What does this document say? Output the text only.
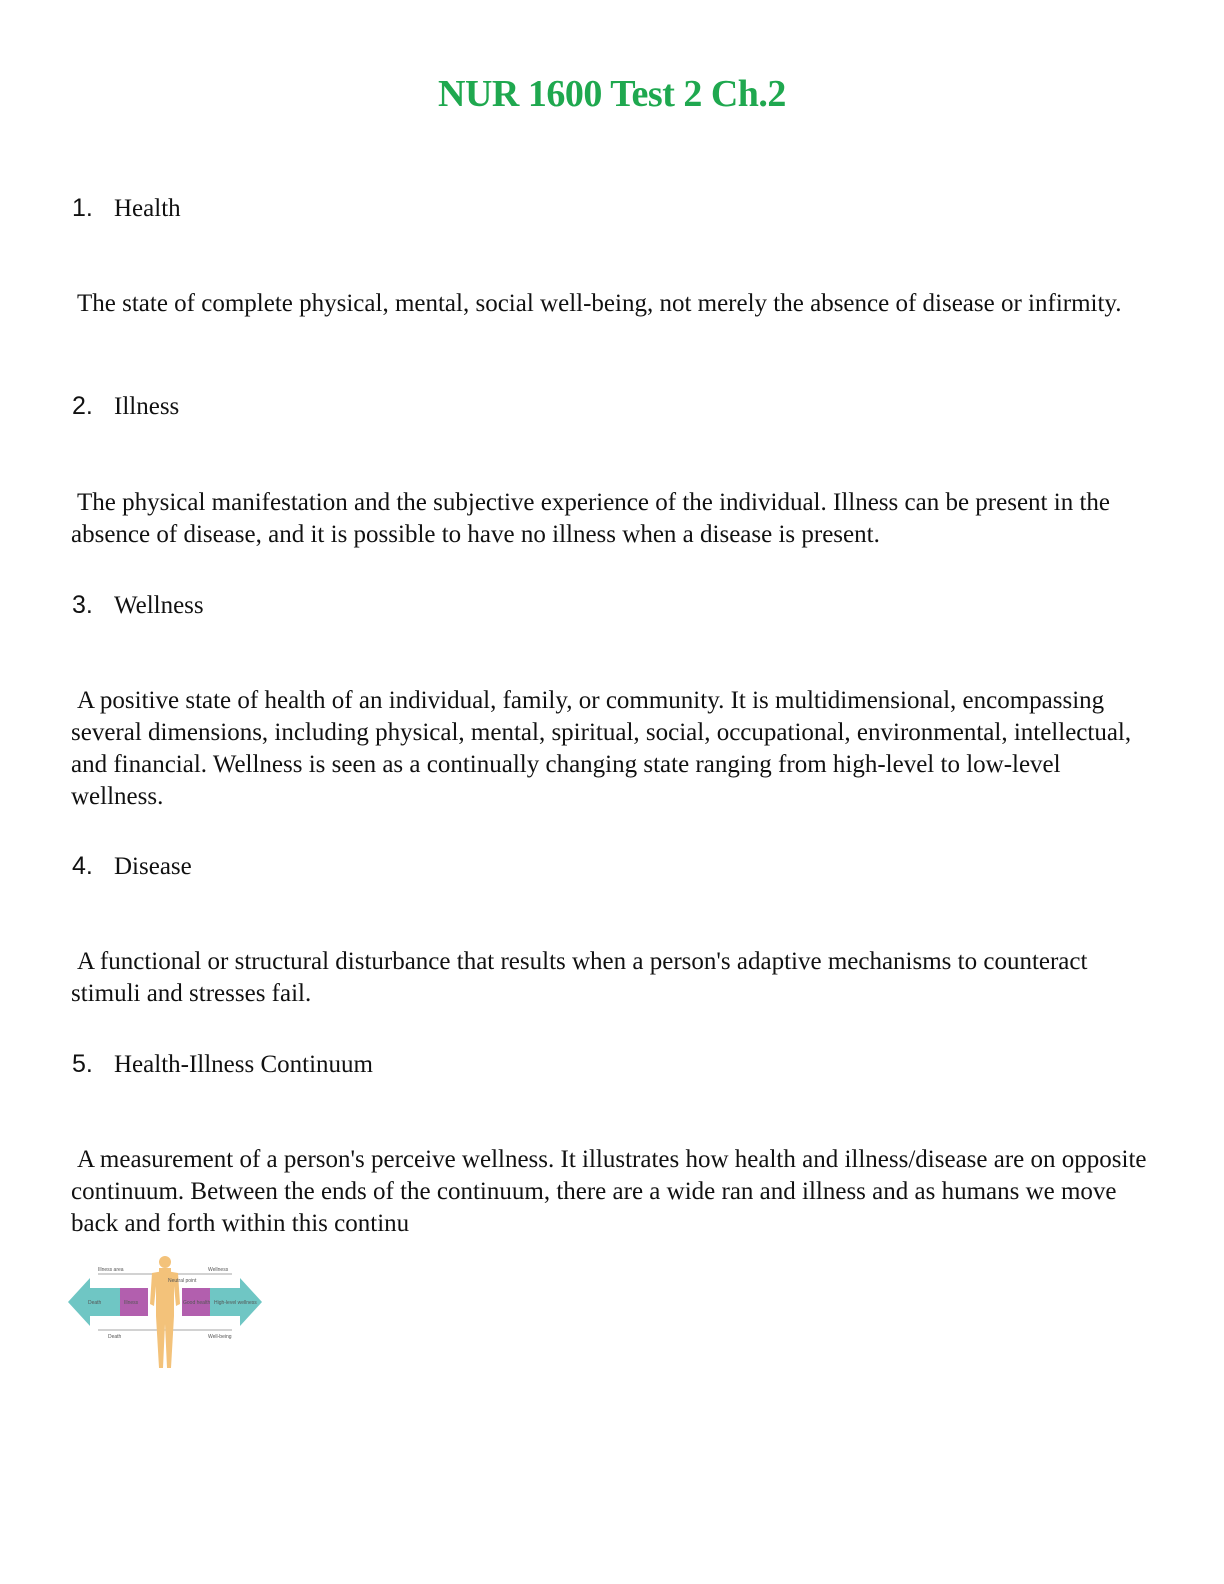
NUR 1600 Test 2 Ch.2
1. Health
The state of complete physical, mental, social well-being, not merely the absence of disease or infirmity.
2. Illness
The physical manifestation and the subjective experience of the individual. Illness can be present in the absence of disease, and it is possible to have no illness when a disease is present.
3. Wellness
A positive state of health of an individual, family, or community. It is multidimensional, encompassing several dimensions, including physical, mental, spiritual, social, occupational, environmental, intellectual, and financial. Wellness is seen as a continually changing state ranging from high-level to low-level wellness.
4. Disease
A functional or structural disturbance that results when a person's adaptive mechanisms to counteract stimuli and stresses fail.
5. Health-Illness Continuum
A measurement of a person's perceive wellness. It illustrates how health and illness/disease are on opposite continuum. Between the ends of the continuum, there are a wide ran and illness and as humans we move back and forth within this continu
Illness area	Wellness
Death	Illness
Neutral point
Good health High-level wellness
Death	Well-being
